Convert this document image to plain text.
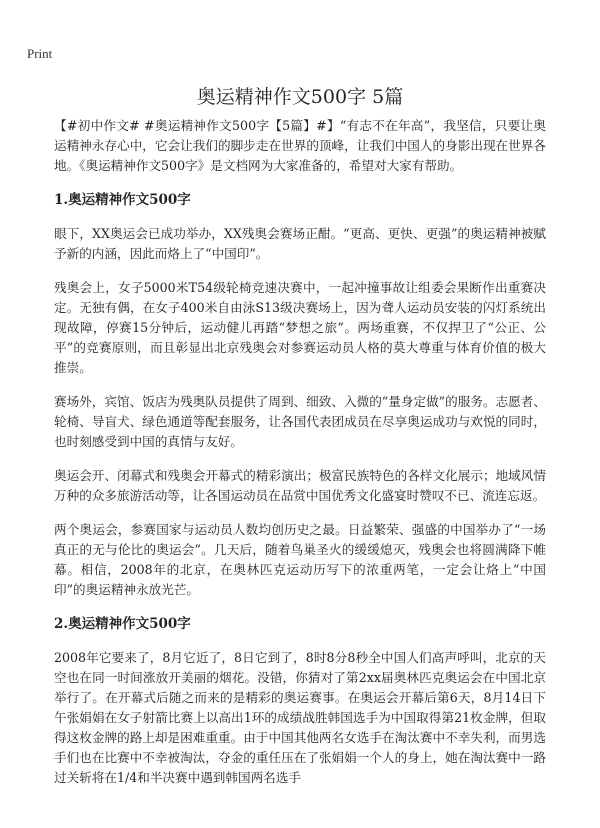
Print
奥运精神作文500字 5篇

【#初中作文# #奥运精神作文500字【5篇】#】“有志不在年高”，我坚信，只要让奥运精神永存心中，它会让我们的脚步走在世界的顶峰，让我们中国人的身影出现在世界各地。《奥运精神作文500字》是文档网为大家准备的，希望对大家有帮助。

1.奥运精神作文500字

眼下，XX奥运会已成功举办，XX残奥会赛场正酣。“更高、更快、更强”的奥运精神被赋予新的内涵，因此而烙上了“中国印”。

残奥会上，女子5000米T54级轮椅竞速决赛中，一起冲撞事故让组委会果断作出重赛决定。无独有偶，在女子400米自由泳S13级决赛场上，因为聋人运动员安装的闪灯系统出现故障，停赛15分钟后，运动健儿再踏“梦想之旅”。两场重赛，不仅捍卫了“公正、公平”的竞赛原则，而且彰显出北京残奥会对参赛运动员人格的莫大尊重与体育价值的极大推崇。

赛场外，宾馆、饭店为残奥队员提供了周到、细致、入微的“量身定做”的服务。志愿者、轮椅、导盲犬、绿色通道等配套服务，让各国代表团成员在尽享奥运成功与欢悦的同时，也时刻感受到中国的真情与友好。

奥运会开、闭幕式和残奥会开幕式的精彩演出；极富民族特色的各样文化展示；地域风情万种的众多旅游活动等，让各国运动员在品赏中国优秀文化盛宴时赞叹不已、流连忘返。

两个奥运会，参赛国家与运动员人数均创历史之最。日益繁荣、强盛的中国举办了“一场真正的无与伦比的奥运会”。几天后，随着鸟巢圣火的缓缓熄灭，残奥会也将圆满降下帷幕。相信，2008年的北京，在奥林匹克运动历写下的浓重两笔，一定会让烙上“中国印”的奥运精神永放光芒。

2.奥运精神作文500字

2008年它要来了，8月它近了，8日它到了，8时8分8秒全中国人们高声呼叫，北京的天空也在同一时间涨放开美丽的烟花。没错，你猜对了第2xx届奥林匹克奥运会在中国北京举行了。在开幕式后随之而来的是精彩的奥运赛事。在奥运会开幕后第6天，8月14日下午张娟娟在女子射箭比赛上以高出1环的成绩战胜韩国选手为中国取得第21枚金牌，但取得这枚金牌的路上却是困难重重。由于中国其他两名女选手在淘汰赛中不幸失利，而男选手们也在比赛中不幸被淘汰，夺金的重任压在了张娟娟一个人的身上，她在淘汰赛中一路过关斩将在1/4和半决赛中遇到韩国两名选手
